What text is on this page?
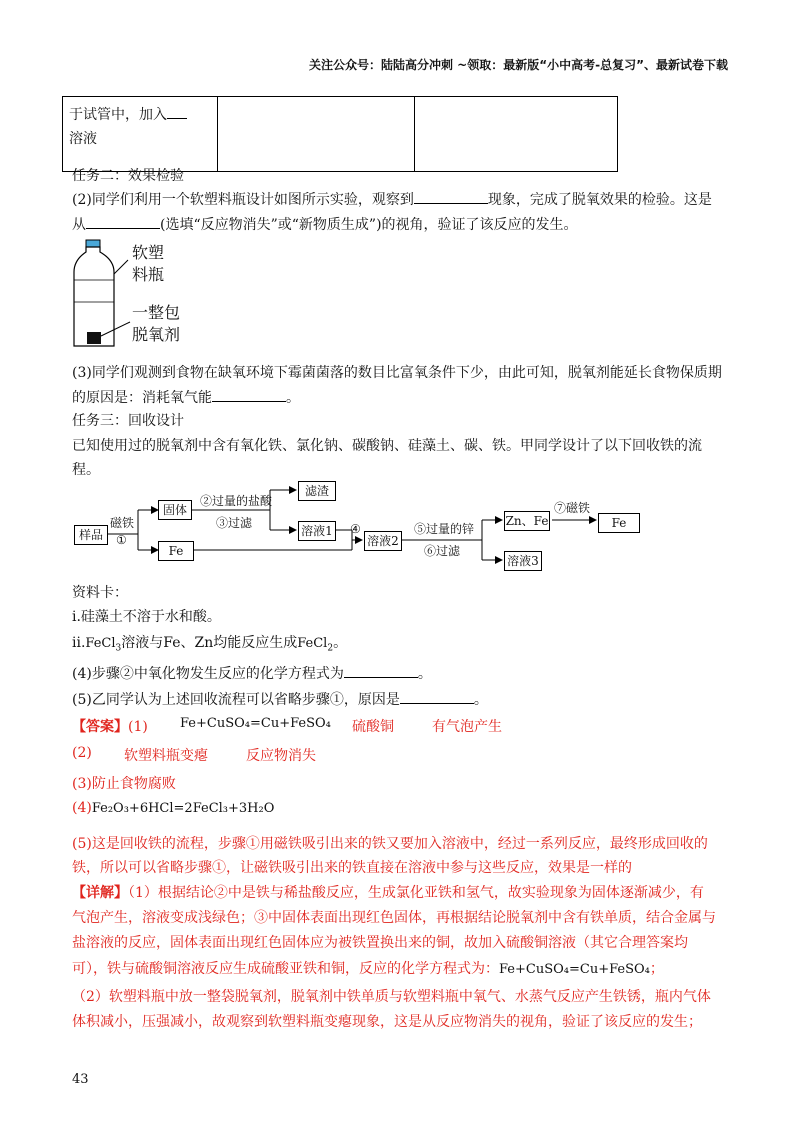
关注公众号：陆陆高分冲刺 ~领取：最新版“小中高考-总复习”、最新试卷下载
于试管中，加入
溶液		
任务二：效果检验
(2)同学们利用一个软塑料瓶设计如图所示实验，观察到	现象，完成了脱氧效果的检验。这是
从	(选填“反应物消失”或“新物质生成”)的视角，验证了该反应的发生。
软塑
料瓶
一整包
脱氧剂
(3)同学们观测到食物在缺氧环境下霉菌菌落的数目比富氧条件下少，由此可知，脱氧剂能延长食物保质期
的原因是：消耗氧气能	。
任务三：回收设计
已知使用过的脱氧剂中含有氧化铁、氯化钠、碳酸钠、硅藻土、碳、铁。甲同学设计了以下回收铁的流
程。
样品
磁铁
①
固体
Fe
②过量的盐酸
③过滤
滤渣
溶液1 ④
溶液2
⑤过量的锌
⑥过滤
Zn、Fe
⑦磁铁
Fe
溶液3
资料卡：
i.硅藻土不溶于水和酸。
ii.FeCl$_3$溶液与Fe、Zn均能反应生成FeCl$_2$。
(4)步骤②中氧化物发生反应的化学方程式为	。
(5)乙同学认为上述回收流程可以省略步骤①，原因是	。
【答案】(1) Fe+CuSO₄=Cu+FeSO₄ 硫酸铜	有气泡产生
(2) 软塑料瓶变瘪	反应物消失
(3)防止食物腐败
(4)Fe₂O₃+6HCl=2FeCl₃+3H₂O
(5)这是回收铁的流程，步骤①用磁铁吸引出来的铁又要加入溶液中，经过一系列反应，最终形成回收的
铁，所以可以省略步骤①，让磁铁吸引出来的铁直接在溶液中参与这些反应，效果是一样的
【详解】（1）根据结论②中是铁与稀盐酸反应，生成氯化亚铁和氢气，故实验现象为固体逐渐减少，有
气泡产生，溶液变成浅绿色；③中固体表面出现红色固体，再根据结论脱氧剂中含有铁单质，结合金属与
盐溶液的反应，固体表面出现红色固体应为被铁置换出来的铜，故加入硫酸铜溶液（其它合理答案均
可），铁与硫酸铜溶液反应生成硫酸亚铁和铜，反应的化学方程式为：Fe+CuSO₄=Cu+FeSO₄；
（2）软塑料瓶中放一整袋脱氧剂，脱氧剂中铁单质与软塑料瓶中氧气、水蒸气反应产生铁锈，瓶内气体
体积减小，压强减小，故观察到软塑料瓶变瘪现象，这是从反应物消失的视角，验证了该反应的发生；
43
